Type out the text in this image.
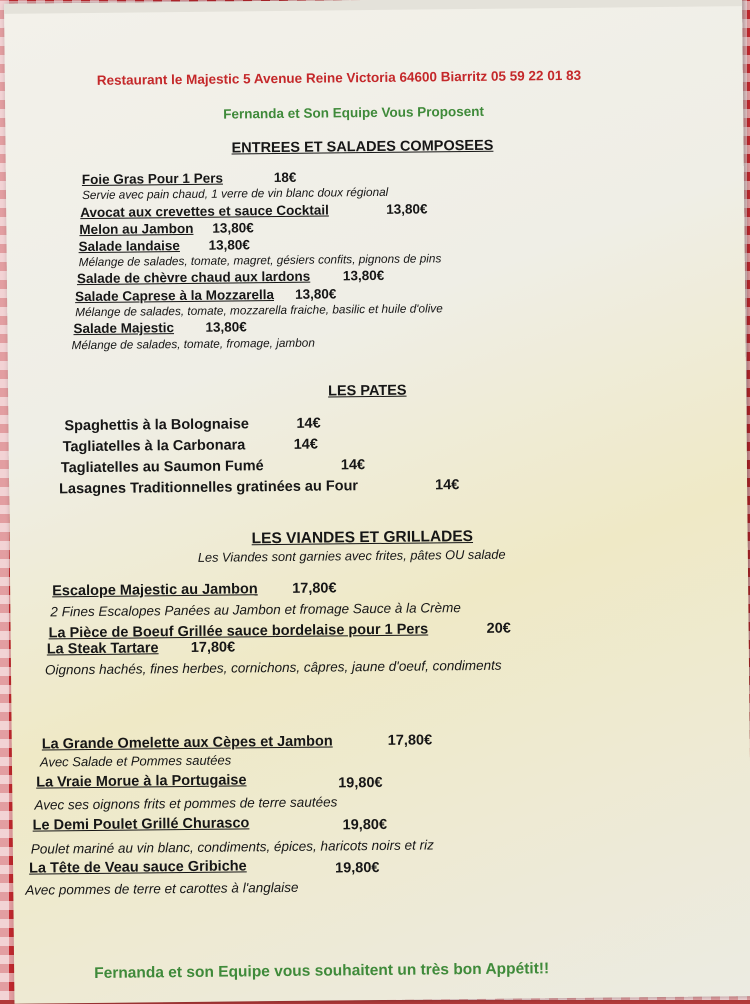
Restaurant le Majestic 5 Avenue Reine Victoria 64600 Biarritz 05 59 22 01 83
Fernanda et Son Equipe Vous Proposent
ENTREES ET SALADES COMPOSEES
Foie Gras Pour 1 Pers	18€
Servie avec pain chaud, 1 verre de vin blanc doux régional
Avocat aux crevettes et sauce Cocktail	13,80€
Melon au Jambon 13,80€
Salade landaise 13,80€
Mélange de salades, tomate, magret, gésiers confits, pignons de pins
Salade de chèvre chaud aux lardons 13,80€
Salade Caprese à la Mozzarella 13,80€
Mélange de salades, tomate, mozzarella fraiche, basilic et huile d'olive
Salade Majestic 13,80€
Mélange de salades, tomate, fromage, jambon
LES PATES
Spaghettis à la Bolognaise	14€
Tagliatelles à la Carbonara	14€
Tagliatelles au Saumon Fumé	14€
Lasagnes Traditionnelles gratinées au Four	14€
LES VIANDES ET GRILLADES
Les Viandes sont garnies avec frites, pâtes OU salade
Escalope Majestic au Jambon 17,80€
2 Fines Escalopes Panées au Jambon et fromage Sauce à la Crème
La Pièce de Boeuf Grillée sauce bordelaise pour 1 Pers	20€
La Steak Tartare 17,80€
Oignons hachés, fines herbes, cornichons, câpres, jaune d'oeuf, condiments
La Grande Omelette aux Cèpes et Jambon	17,80€
Avec Salade et Pommes sautées
La Vraie Morue à la Portugaise	19,80€
Avec ses oignons frits et pommes de terre sautées
Le Demi Poulet Grillé Churasco	19,80€
Poulet mariné au vin blanc, condiments, épices, haricots noirs et riz
La Tête de Veau sauce Gribiche	19,80€
Avec pommes de terre et carottes à l'anglaise
Fernanda et son Equipe vous souhaitent un très bon Appétit!!
